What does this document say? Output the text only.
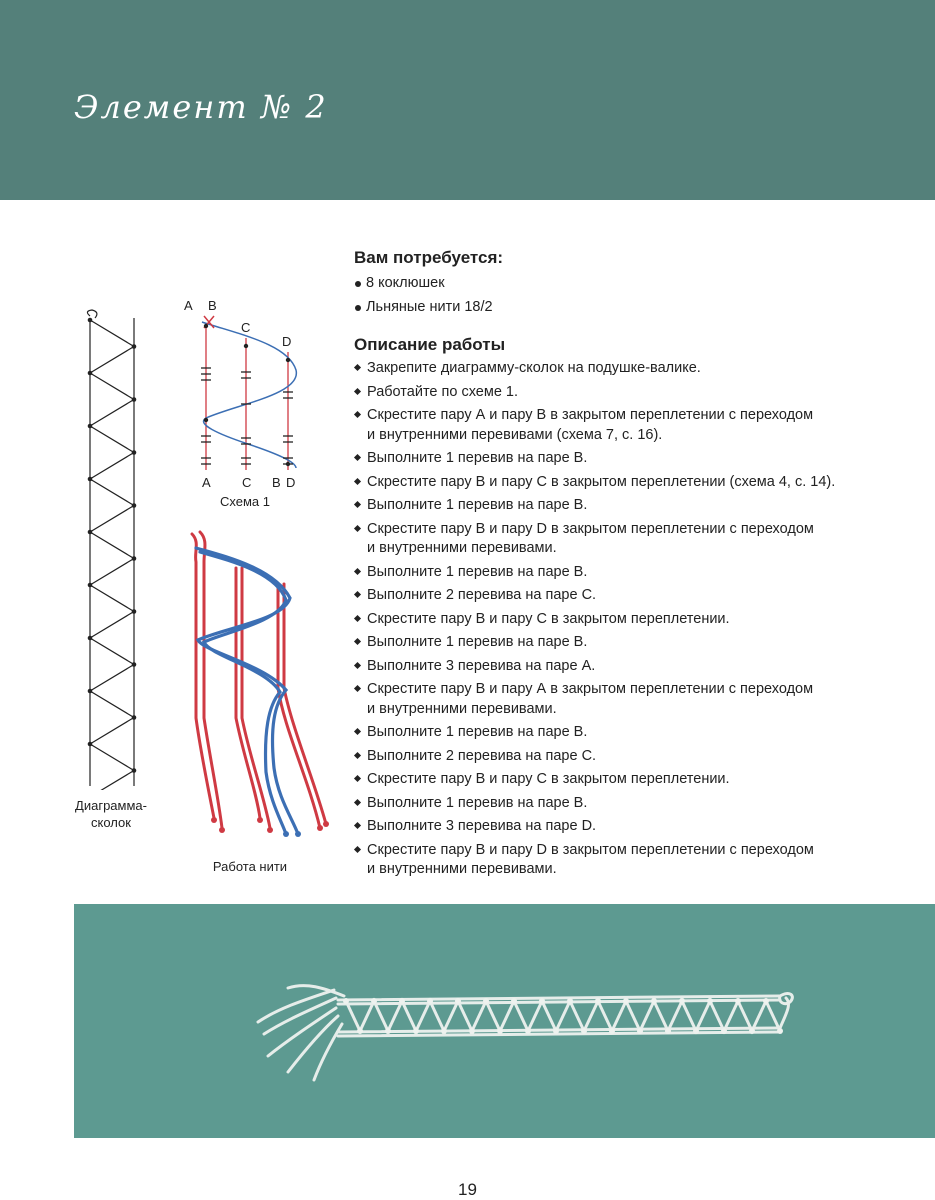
Элемент № 2
Диаграмма-
сколок
А В
С
D
А С В D
Схема 1
Работа нити
Вам потребуется:
8 коклюшек
Льняные нити 18/2
Описание работы
Закрепите диаграмму-сколок на подушке-валике.
Работайте по схеме 1.
Скрестите пару А и пару В в закрытом переплетении с переходом
и внутренними перевивами (схема 7, с. 16).
Выполните 1 перевив на паре В.
Скрестите пару В и пару С в закрытом переплетении (схема 4, с. 14).
Выполните 1 перевив на паре В.
Скрестите пару В и пару D в закрытом переплетении с переходом
и внутренними перевивами.
Выполните 1 перевив на паре В.
Выполните 2 перевива на паре С.
Скрестите пару В и пару С в закрытом переплетении.
Выполните 1 перевив на паре В.
Выполните 3 перевива на паре А.
Скрестите пару В и пару А в закрытом переплетении с переходом
и внутренними перевивами.
Выполните 1 перевив на паре В.
Выполните 2 перевива на паре С.
Скрестите пару В и пару С в закрытом переплетении.
Выполните 1 перевив на паре В.
Выполните 3 перевива на паре D.
Скрестите пару В и пару D в закрытом переплетении с переходом
и внутренними перевивами.
19
